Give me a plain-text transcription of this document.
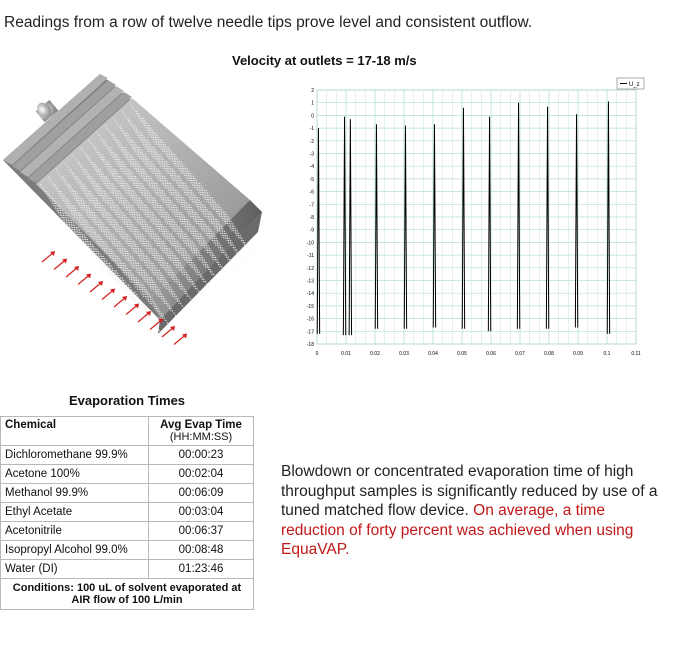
Readings from a row of twelve needle tips prove level and consistent outflow.
Velocity at outlets = 17-18 m/s
2
1
0
-1
-2
-3
-4
-5
-6
-7
-8
-9
-10
-11
-12
-13
-14
-15
-16
-17
-18
0	0.01	0.02	0.03	0.04	0.05	0.06	0.07	0.08	0.09	0.1	0.11
U_z
Evaporation Times
Chemical	Avg Evap Time
(HH:MM:SS)

Dichloromethane 99.9%	00:00:23
Acetone 100%	00:02:04
Methanol 99.9%	00:06:09
Ethyl Acetate	00:03:04
Acetonitrile	00:06:37
Isopropyl Alcohol 99.0%	00:08:48
Water (DI)	01:23:46
Conditions: 100 uL of solvent evaporated at AIR flow of 100 L/min	
Blowdown or concentrated evaporation time of high throughput samples is significantly reduced by use of a tuned matched flow device. On average, a time reduction of forty percent was achieved when using EquaVAP.
